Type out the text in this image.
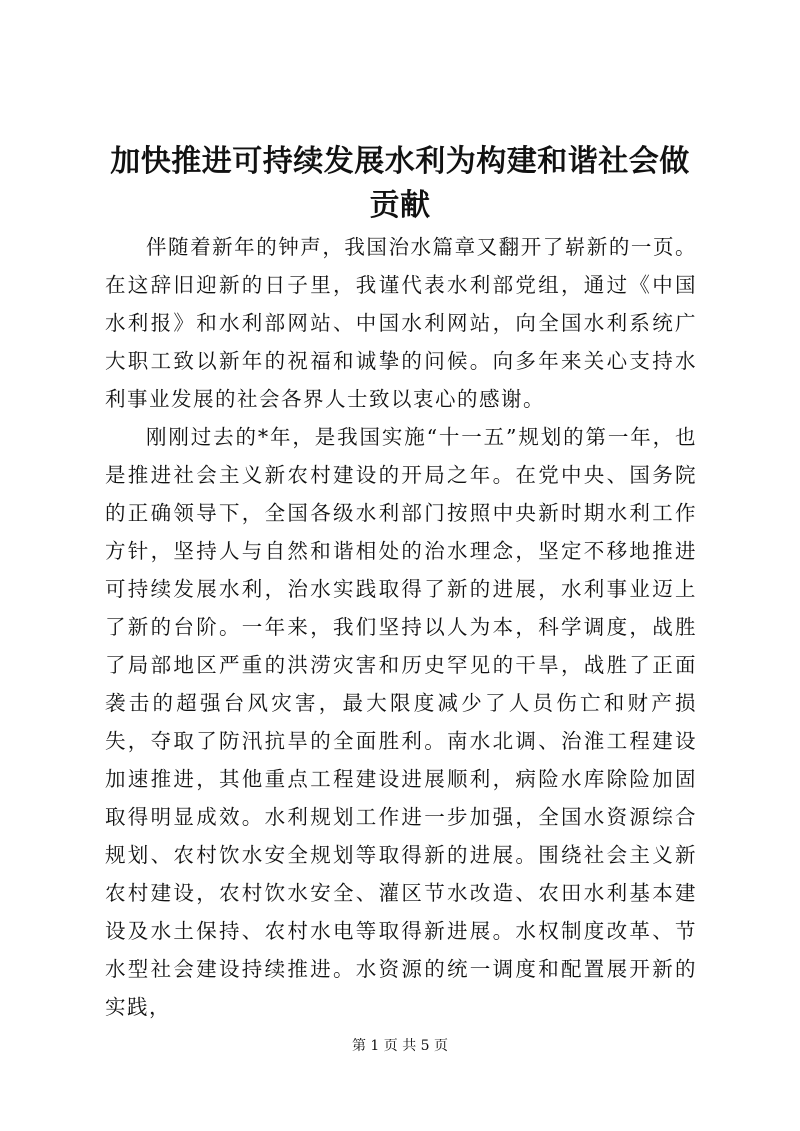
加快推进可持续发展水利为构建和谐社会做贡献

伴随着新年的钟声，我国治水篇章又翻开了崭新的一页。在这辞旧迎新的日子里，我谨代表水利部党组，通过《中国水利报》和水利部网站、中国水利网站，向全国水利系统广大职工致以新年的祝福和诚挚的问候。向多年来关心支持水利事业发展的社会各界人士致以衷心的感谢。

刚刚过去的*年，是我国实施“十一五”规划的第一年，也是推进社会主义新农村建设的开局之年。在党中央、国务院的正确领导下，全国各级水利部门按照中央新时期水利工作方针，坚持人与自然和谐相处的治水理念，坚定不移地推进可持续发展水利，治水实践取得了新的进展，水利事业迈上了新的台阶。一年来，我们坚持以人为本，科学调度，战胜了局部地区严重的洪涝灾害和历史罕见的干旱，战胜了正面袭击的超强台风灾害，最大限度减少了人员伤亡和财产损失，夺取了防汛抗旱的全面胜利。南水北调、治淮工程建设加速推进，其他重点工程建设进展顺利，病险水库除险加固取得明显成效。水利规划工作进一步加强，全国水资源综合规划、农村饮水安全规划等取得新的进展。围绕社会主义新农村建设，农村饮水安全、灌区节水改造、农田水利基本建设及水土保持、农村水电等取得新进展。水权制度改革、节水型社会建设持续推进。水资源的统一调度和配置展开新的实践，

第 1 页 共 5 页
